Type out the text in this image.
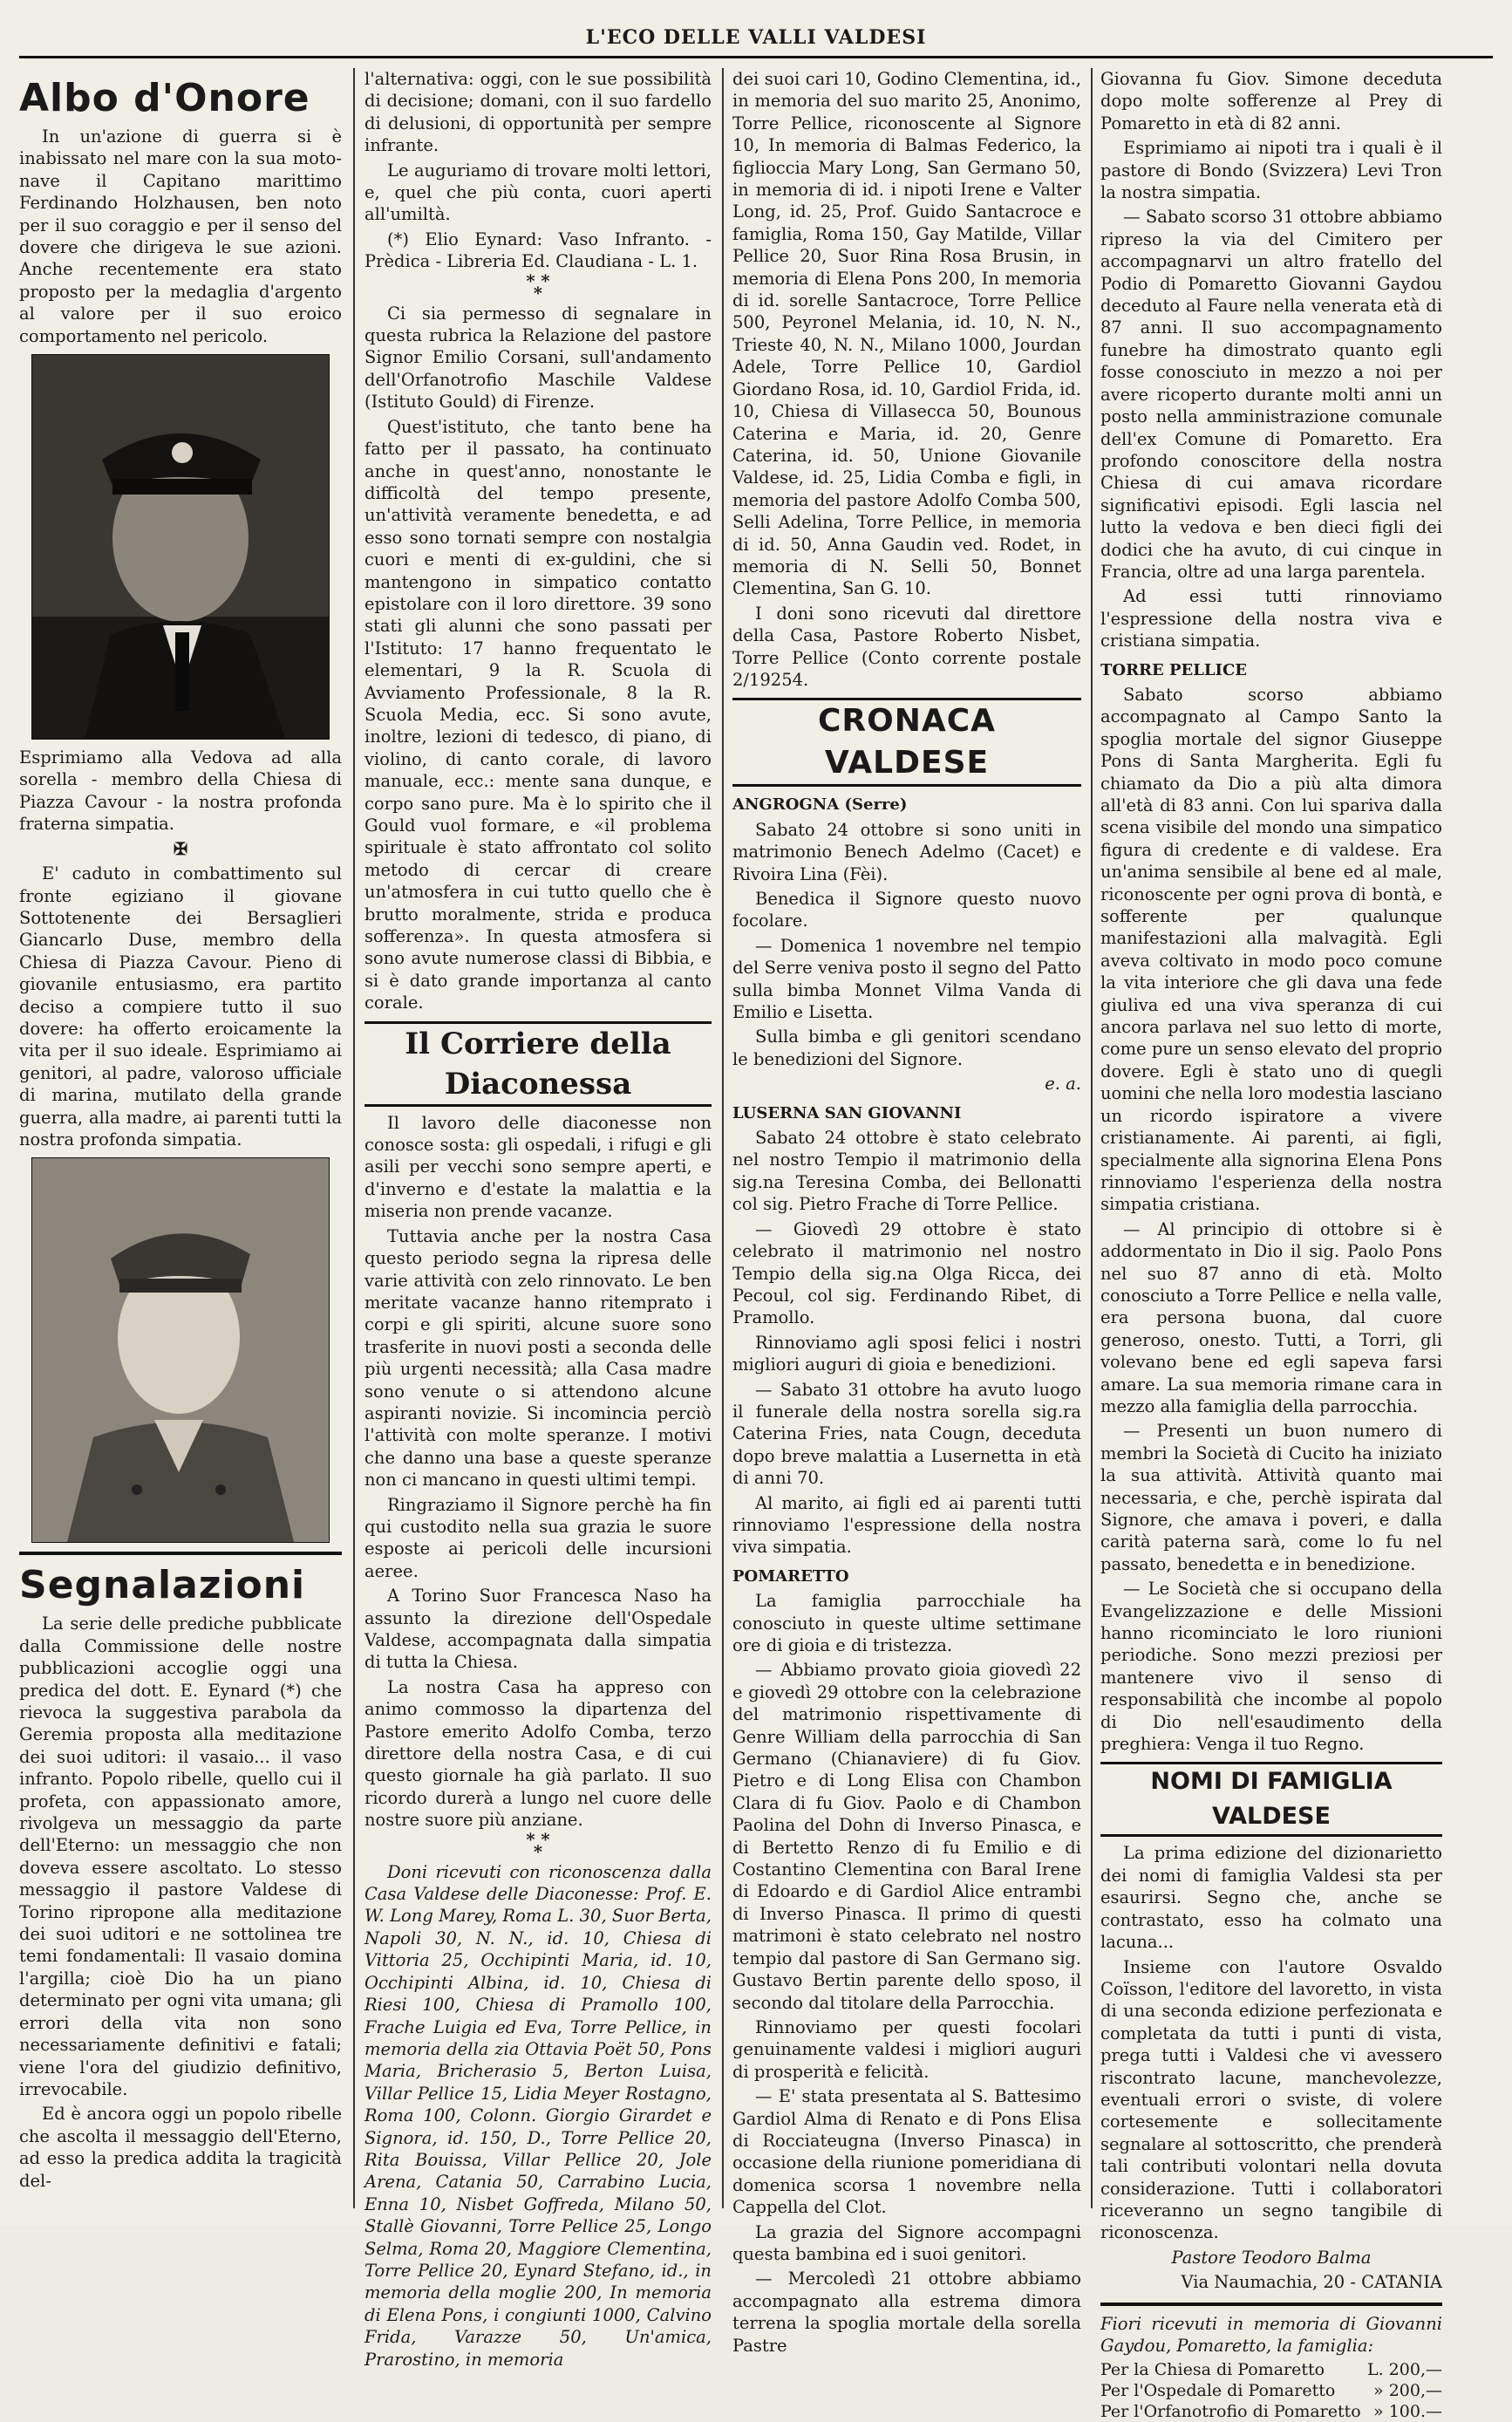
L'ECO DELLE VALLI VALDESI
Albo d'Onore

In un'azione di guerra si è inabissato nel mare con la sua moto-nave il Capitano marittimo Ferdinando Holzhausen, ben noto per il suo coraggio e per il senso del dovere che dirigeva le sue azioni. Anche recentemente era stato proposto per la medaglia d'argento al valore per il suo eroico comportamento nel pericolo.

Esprimiamo alla Vedova ad alla sorella - membro della Chiesa di Piazza Cavour - la nostra profonda fraterna simpatia.

✠

E' caduto in combattimento sul fronte egiziano il giovane Sottotenente dei Bersaglieri Giancarlo Duse, membro della Chiesa di Piazza Cavour. Pieno di giovanile entusiasmo, era partito deciso a compiere tutto il suo dovere: ha offerto eroicamente la vita per il suo ideale. Esprimiamo ai genitori, al padre, valoroso ufficiale di marina, mutilato della grande guerra, alla madre, ai parenti tutti la nostra profonda simpatia.

Segnalazioni

La serie delle prediche pubblicate dalla Commissione delle nostre pubblicazioni accoglie oggi una predica del dott. E. Eynard (*) che rievoca la suggestiva parabola da Geremia proposta alla meditazione dei suoi uditori: il vasaio... il vaso infranto. Popolo ribelle, quello cui il profeta, con appassionato amore, rivolgeva un messaggio da parte dell'Eterno: un messaggio che non doveva essere ascoltato. Lo stesso messaggio il pastore Valdese di Torino ripropone alla meditazione dei suoi uditori e ne sottolinea tre temi fondamentali: Il vasaio domina l'argilla; cioè Dio ha un piano determinato per ogni vita umana; gli errori della vita non sono necessariamente definitivi e fatali; viene l'ora del giudizio definitivo, irrevocabile.

Ed è ancora oggi un popolo ribelle che ascolta il messaggio dell'Eterno, ad esso la predica addita la tragicità del-

l'alternativa: oggi, con le sue possibilità di decisione; domani, con il suo fardello di delusioni, di opportunità per sempre infrante.

Le auguriamo di trovare molti lettori, e, quel che più conta, cuori aperti all'umiltà.

(*) Elio Eynard: Vaso Infranto. - Prèdica - Libreria Ed. Claudiana - L. 1.

* *
*

Ci sia permesso di segnalare in questa rubrica la Relazione del pastore Signor Emilio Corsani, sull'andamento dell'Orfanotrofio Maschile Valdese (Istituto Gould) di Firenze.

Quest'istituto, che tanto bene ha fatto per il passato, ha continuato anche in quest'anno, nonostante le difficoltà del tempo presente, un'attività veramente benedetta, e ad esso sono tornati sempre con nostalgia cuori e menti di ex-guldini, che si mantengono in simpatico contatto epistolare con il loro direttore. 39 sono stati gli alunni che sono passati per l'Istituto: 17 hanno frequentato le elementari, 9 la R. Scuola di Avviamento Professionale, 8 la R. Scuola Media, ecc. Si sono avute, inoltre, lezioni di tedesco, di piano, di violino, di canto corale, di lavoro manuale, ecc.: mente sana dunque, e corpo sano pure. Ma è lo spirito che il Gould vuol formare, e «il problema spirituale è stato affrontato col solito metodo di cercar di creare un'atmosfera in cui tutto quello che è brutto moralmente, strida e produca sofferenza». In questa atmosfera si sono avute numerose classi di Bibbia, e si è dato grande importanza al canto corale.

Il Corriere della Diaconessa

Il lavoro delle diaconesse non conosce sosta: gli ospedali, i rifugi e gli asili per vecchi sono sempre aperti, e d'inverno e d'estate la malattia e la miseria non prende vacanze.

Tuttavia anche per la nostra Casa questo periodo segna la ripresa delle varie attività con zelo rinnovato. Le ben meritate vacanze hanno ritemprato i corpi e gli spiriti, alcune suore sono trasferite in nuovi posti a seconda delle più urgenti necessità; alla Casa madre sono venute o si attendono alcune aspiranti novizie. Si incomincia perciò l'attività con molte speranze. I motivi che danno una base a queste speranze non ci mancano in questi ultimi tempi.

Ringraziamo il Signore perchè ha fin qui custodito nella sua grazia le suore esposte ai pericoli delle incursioni aeree.

A Torino Suor Francesca Naso ha assunto la direzione dell'Ospedale Valdese, accompagnata dalla simpatia di tutta la Chiesa.

La nostra Casa ha appreso con animo commosso la dipartenza del Pastore emerito Adolfo Comba, terzo direttore della nostra Casa, e di cui questo giornale ha già parlato. Il suo ricordo durerà a lungo nel cuore delle nostre suore più anziane.

* *
*

Doni ricevuti con riconoscenza dalla Casa Valdese delle Diaconesse: Prof. E. W. Long Marey, Roma L. 30, Suor Berta, Napoli 30, N. N., id. 10, Chiesa di Vittoria 25, Occhipinti Maria, id. 10, Occhipinti Albina, id. 10, Chiesa di Riesi 100, Chiesa di Pramollo 100, Frache Luigia ed Eva, Torre Pellice, in memoria della zia Ottavia Poët 50, Pons Maria, Bricherasio 5, Berton Luisa, Villar Pellice 15, Lidia Meyer Rostagno, Roma 100, Colonn. Giorgio Girardet e Signora, id. 150, D., Torre Pellice 20, Rita Bouissa, Villar Pellice 20, Jole Arena, Catania 50, Carrabino Lucia, Enna 10, Nisbet Goffreda, Milano 50, Stallè Giovanni, Torre Pellice 25, Longo Selma, Roma 20, Maggiore Clementina, Torre Pellice 20, Eynard Stefano, id., in memoria della moglie 200, In memoria di Elena Pons, i congiunti 1000, Calvino Frida, Varazze 50, Un'amica, Prarostino, in memoria

dei suoi cari 10, Godino Clementina, id., in memoria del suo marito 25, Anonimo, Torre Pellice, riconoscente al Signore 10, In memoria di Balmas Federico, la figlioccia Mary Long, San Germano 50, in memoria di id. i nipoti Irene e Valter Long, id. 25, Prof. Guido Santacroce e famiglia, Roma 150, Gay Matilde, Villar Pellice 20, Suor Rina Rosa Brusin, in memoria di Elena Pons 200, In memoria di id. sorelle Santacroce, Torre Pellice 500, Peyronel Melania, id. 10, N. N., Trieste 40, N. N., Milano 1000, Jourdan Adele, Torre Pellice 10, Gardiol Giordano Rosa, id. 10, Gardiol Frida, id. 10, Chiesa di Villasecca 50, Bounous Caterina e Maria, id. 20, Genre Caterina, id. 50, Unione Giovanile Valdese, id. 25, Lidia Comba e figli, in memoria del pastore Adolfo Comba 500, Selli Adelina, Torre Pellice, in memoria di id. 50, Anna Gaudin ved. Rodet, in memoria di N. Selli 50, Bonnet Clementina, San G. 10.

I doni sono ricevuti dal direttore della Casa, Pastore Roberto Nisbet, Torre Pellice (Conto corrente postale 2/19254.

CRONACA VALDESE

ANGROGNA (Serre)

Sabato 24 ottobre si sono uniti in matrimonio Benech Adelmo (Cacet) e Rivoira Lina (Fèi).

Benedica il Signore questo nuovo focolare.

— Domenica 1 novembre nel tempio del Serre veniva posto il segno del Patto sulla bimba Monnet Vilma Vanda di Emilio e Lisetta.

Sulla bimba e gli genitori scendano le benedizioni del Signore.

e. a.

LUSERNA SAN GIOVANNI

Sabato 24 ottobre è stato celebrato nel nostro Tempio il matrimonio della sig.na Teresina Comba, dei Bellonatti col sig. Pietro Frache di Torre Pellice.

— Giovedì 29 ottobre è stato celebrato il matrimonio nel nostro Tempio della sig.na Olga Ricca, dei Pecoul, col sig. Ferdinando Ribet, di Pramollo.

Rinnoviamo agli sposi felici i nostri migliori auguri di gioia e benedizioni.

— Sabato 31 ottobre ha avuto luogo il funerale della nostra sorella sig.ra Caterina Fries, nata Cougn, deceduta dopo breve malattia a Lusernetta in età di anni 70.

Al marito, ai figli ed ai parenti tutti rinnoviamo l'espressione della nostra viva simpatia.

POMARETTO

La famiglia parrocchiale ha conosciuto in queste ultime settimane ore di gioia e di tristezza.

— Abbiamo provato gioia giovedì 22 e giovedì 29 ottobre con la celebrazione del matrimonio rispettivamente di Genre William della parrocchia di San Germano (Chianaviere) di fu Giov. Pietro e di Long Elisa con Chambon Clara di fu Giov. Paolo e di Chambon Paolina del Dohn di Inverso Pinasca, e di Bertetto Renzo di fu Emilio e di Costantino Clementina con Baral Irene di Edoardo e di Gardiol Alice entrambi di Inverso Pinasca. Il primo di questi matrimoni è stato celebrato nel nostro tempio dal pastore di San Germano sig. Gustavo Bertin parente dello sposo, il secondo dal titolare della Parrocchia.

Rinnoviamo per questi focolari genuinamente valdesi i migliori auguri di prosperità e felicità.

— E' stata presentata al S. Battesimo Gardiol Alma di Renato e di Pons Elisa di Rocciateugna (Inverso Pinasca) in occasione della riunione pomeridiana di domenica scorsa 1 novembre nella Cappella del Clot.

La grazia del Signore accompagni questa bambina ed i suoi genitori.

— Mercoledì 21 ottobre abbiamo accompagnato alla estrema dimora terrena la spoglia mortale della sorella Pastre

Giovanna fu Giov. Simone deceduta dopo molte sofferenze al Prey di Pomaretto in età di 82 anni.

Esprimiamo ai nipoti tra i quali è il pastore di Bondo (Svizzera) Levi Tron la nostra simpatia.

— Sabato scorso 31 ottobre abbiamo ripreso la via del Cimitero per accompagnarvi un altro fratello del Podio di Pomaretto Giovanni Gaydou deceduto al Faure nella venerata età di 87 anni. Il suo accompagnamento funebre ha dimostrato quanto egli fosse conosciuto in mezzo a noi per avere ricoperto durante molti anni un posto nella amministrazione comunale dell'ex Comune di Pomaretto. Era profondo conoscitore della nostra Chiesa di cui amava ricordare significativi episodi. Egli lascia nel lutto la vedova e ben dieci figli dei dodici che ha avuto, di cui cinque in Francia, oltre ad una larga parentela.

Ad essi tutti rinnoviamo l'espressione della nostra viva e cristiana simpatia.

TORRE PELLICE

Sabato scorso abbiamo accompagnato al Campo Santo la spoglia mortale del signor Giuseppe Pons di Santa Margherita. Egli fu chiamato da Dio a più alta dimora all'età di 83 anni. Con lui spariva dalla scena visibile del mondo una simpatico figura di credente e di valdese. Era un'anima sensibile al bene ed al male, riconoscente per ogni prova di bontà, e sofferente per qualunque manifestazioni alla malvagità. Egli aveva coltivato in modo poco comune la vita interiore che gli dava una fede giuliva ed una viva speranza di cui ancora parlava nel suo letto di morte, come pure un senso elevato del proprio dovere. Egli è stato uno di quegli uomini che nella loro modestia lasciano un ricordo ispiratore a vivere cristianamente. Ai parenti, ai figli, specialmente alla signorina Elena Pons rinnoviamo l'esperienza della nostra simpatia cristiana.

— Al principio di ottobre si è addormentato in Dio il sig. Paolo Pons nel suo 87 anno di età. Molto conosciuto a Torre Pellice e nella valle, era persona buona, dal cuore generoso, onesto. Tutti, a Torri, gli volevano bene ed egli sapeva farsi amare. La sua memoria rimane cara in mezzo alla famiglia della parrocchia.

— Presenti un buon numero di membri la Società di Cucito ha iniziato la sua attività. Attività quanto mai necessaria, e che, perchè ispirata dal Signore, che amava i poveri, e dalla carità paterna sarà, come lo fu nel passato, benedetta e in benedizione.

— Le Società che si occupano della Evangelizzazione e delle Missioni hanno ricominciato le loro riunioni periodiche. Sono mezzi preziosi per mantenere vivo il senso di responsabilità che incombe al popolo di Dio nell'esaudimento della preghiera: Venga il tuo Regno.

NOMI DI FAMIGLIA VALDESE

La prima edizione del dizionarietto dei nomi di famiglia Valdesi sta per esaurirsi. Segno che, anche se contrastato, esso ha colmato una lacuna...

Insieme con l'autore Osvaldo Coïsson, l'editore del lavoretto, in vista di una seconda edizione perfezionata e completata da tutti i punti di vista, prega tutti i Valdesi che vi avessero riscontrato lacune, manchevolezze, eventuali errori o sviste, di volere cortesemente e sollecitamente segnalare al sottoscritto, che prenderà tali contributi volontari nella dovuta considerazione. Tutti i collaboratori riceveranno un segno tangibile di riconoscenza.

Pastore Teodoro Balma

Via Naumachia, 20 - CATANIA

Fiori ricevuti in memoria di Giovanni Gaydou, Pomaretto, la famiglia:

Per la Chiesa di Pomaretto	L. 200,—
Per l'Ospedale di Pomaretto	» 200,—
Per l'Orfanotrofio di Pomaretto	» 100.—
